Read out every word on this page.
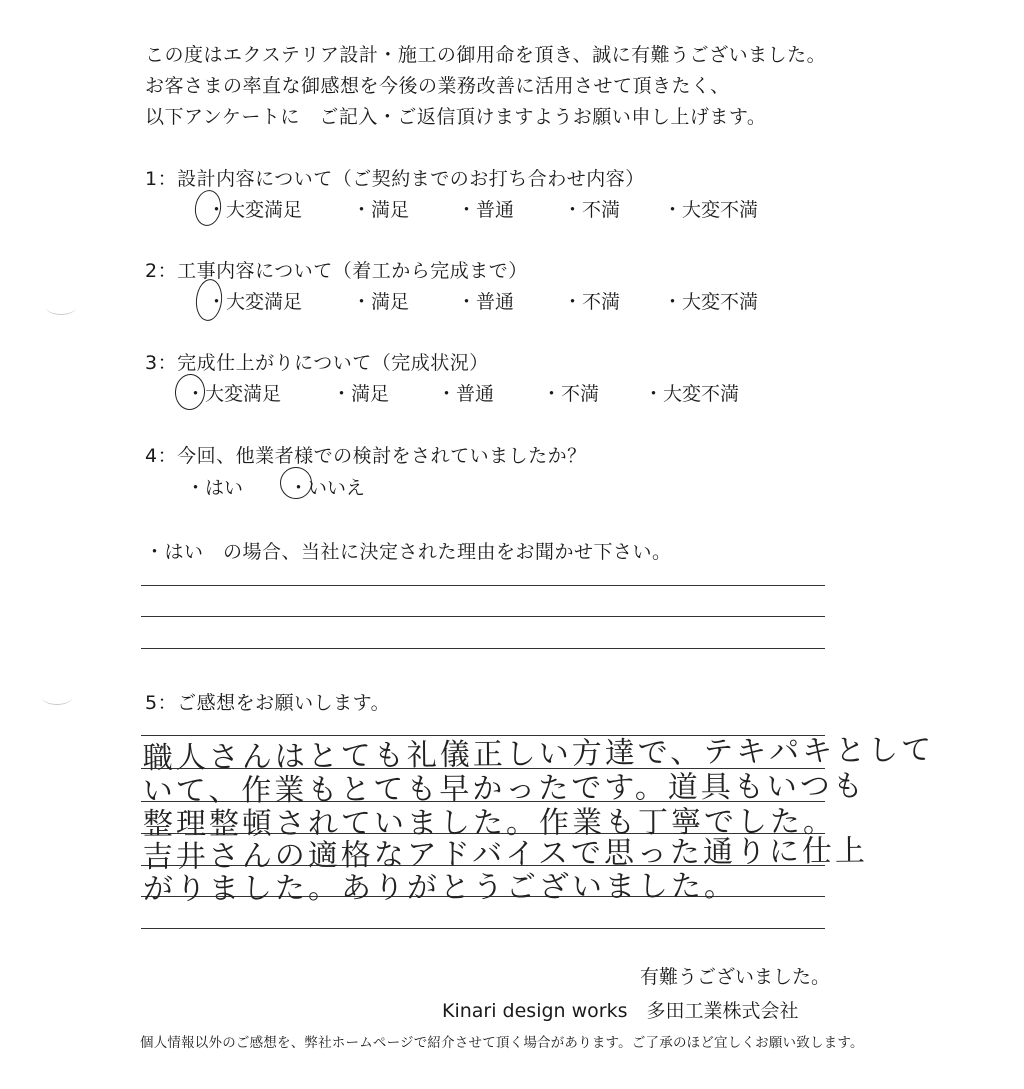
この度はエクステリア設計・施工の御用命を頂き、誠に有難うございました。
お客さまの率直な御感想を今後の業務改善に活用させて頂きたく、
以下アンケートに　ご記入・ご返信頂けますようお願い申し上げます。
1：設計内容について（ご契約までのお打ち合わせ内容）
・大変満足	・満足	・普通	・不満 ・大変不満
2：工事内容について（着工から完成まで）
・大変満足	・満足	・普通	・不満 ・大変不満
3：完成仕上がりについて（完成状況）
・大変満足	・満足	・普通	・不満 ・大変不満
4：今回、他業者様での検討をされていましたか？
・はい ・いいえ
・はい　の場合、当社に決定された理由をお聞かせ下さい。
5：ご感想をお願いします。
職人さんはとても礼儀正しい方達で、テキパキとして
いて、作業もとても早かったです。道具もいつも
整理整頓されていました。作業も丁寧でした。
吉井さんの適格なアドバイスで思った通りに仕上
がりました。ありがとうございました。
有難うございました。
Kinari design works　多田工業株式会社
個人情報以外のご感想を、弊社ホームページで紹介させて頂く場合があります。ご了承のほど宜しくお願い致します。
